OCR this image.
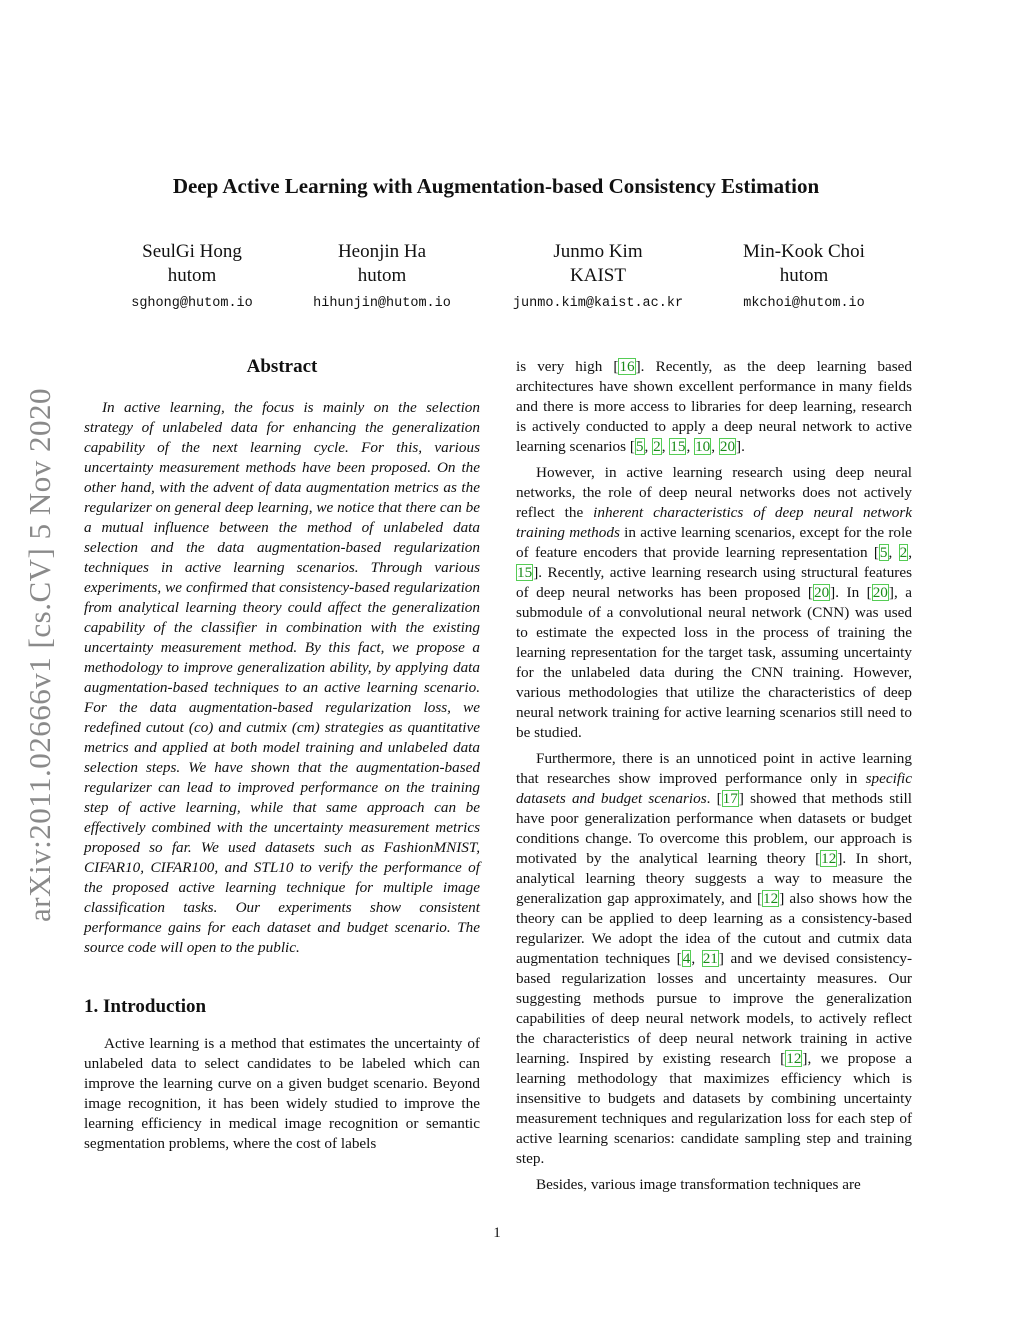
arXiv:2011.02666v1 [cs.CV] 5 Nov 2020
Deep Active Learning with Augmentation-based Consistency Estimation
SeulGi Hong
hutom
sghong@hutom.io
Heonjin Ha
hutom
hihunjin@hutom.io
Junmo Kim
KAIST
junmo.kim@kaist.ac.kr
Min-Kook Choi
hutom
mkchoi@hutom.io
Abstract

In active learning, the focus is mainly on the selection strategy of unlabeled data for enhancing the generalization capability of the next learning cycle. For this, various uncertainty measurement methods have been proposed. On the other hand, with the advent of data augmentation metrics as the regularizer on general deep learning, we notice that there can be a mutual influence between the method of unlabeled data selection and the data augmentation-based regularization techniques in active learning scenarios. Through various experiments, we confirmed that consistency-based regularization from analytical learning theory could affect the generalization capability of the classifier in combination with the existing uncertainty measurement method. By this fact, we propose a methodology to improve generalization ability, by applying data augmentation-based techniques to an active learning scenario. For the data augmentation-based regularization loss, we redefined cutout (co) and cutmix (cm) strategies as quantitative metrics and applied at both model training and unlabeled data selection steps. We have shown that the augmentation-based regularizer can lead to improved performance on the training step of active learning, while that same approach can be effectively combined with the uncertainty measurement metrics proposed so far. We used datasets such as FashionMNIST, CIFAR10, CIFAR100, and STL10 to verify the performance of the proposed active learning technique for multiple image classification tasks. Our experiments show consistent performance gains for each dataset and budget scenario. The source code will open to the public.

1. Introduction

Active learning is a method that estimates the uncertainty of unlabeled data to select candidates to be labeled which can improve the learning curve on a given budget scenario. Beyond image recognition, it has been widely studied to improve the learning efficiency in medical image recognition or semantic segmentation problems, where the cost of labels

is very high [16]. Recently, as the deep learning based architectures have shown excellent performance in many fields and there is more access to libraries for deep learning, research is actively conducted to apply a deep neural network to active learning scenarios [5, 2, 15, 10, 20].

However, in active learning research using deep neural networks, the role of deep neural networks does not actively reflect the inherent characteristics of deep neural network training methods in active learning scenarios, except for the role of feature encoders that provide learning representation [5, 2, 15]. Recently, active learning research using structural features of deep neural networks has been proposed [20]. In [20], a submodule of a convolutional neural network (CNN) was used to estimate the expected loss in the process of training the learning representation for the target task, assuming uncertainty for the unlabeled data during the CNN training. However, various methodologies that utilize the characteristics of deep neural network training for active learning scenarios still need to be studied.

Furthermore, there is an unnoticed point in active learning that researches show improved performance only in specific datasets and budget scenarios. [17] showed that methods still have poor generalization performance when datasets or budget conditions change. To overcome this problem, our approach is motivated by the analytical learning theory [12]. In short, analytical learning theory suggests a way to measure the generalization gap approximately, and [12] also shows how the theory can be applied to deep learning as a consistency-based regularizer. We adopt the idea of the cutout and cutmix data augmentation techniques [4, 21] and we devised consistency-based regularization losses and uncertainty measures. Our suggesting methods pursue to improve the generalization capabilities of deep neural network models, to actively reflect the characteristics of deep neural network training in active learning. Inspired by existing research [12], we propose a learning methodology that maximizes efficiency which is insensitive to budgets and datasets by combining uncertainty measurement techniques and regularization loss for each step of active learning scenarios: candidate sampling step and training step.

Besides, various image transformation techniques are

1
